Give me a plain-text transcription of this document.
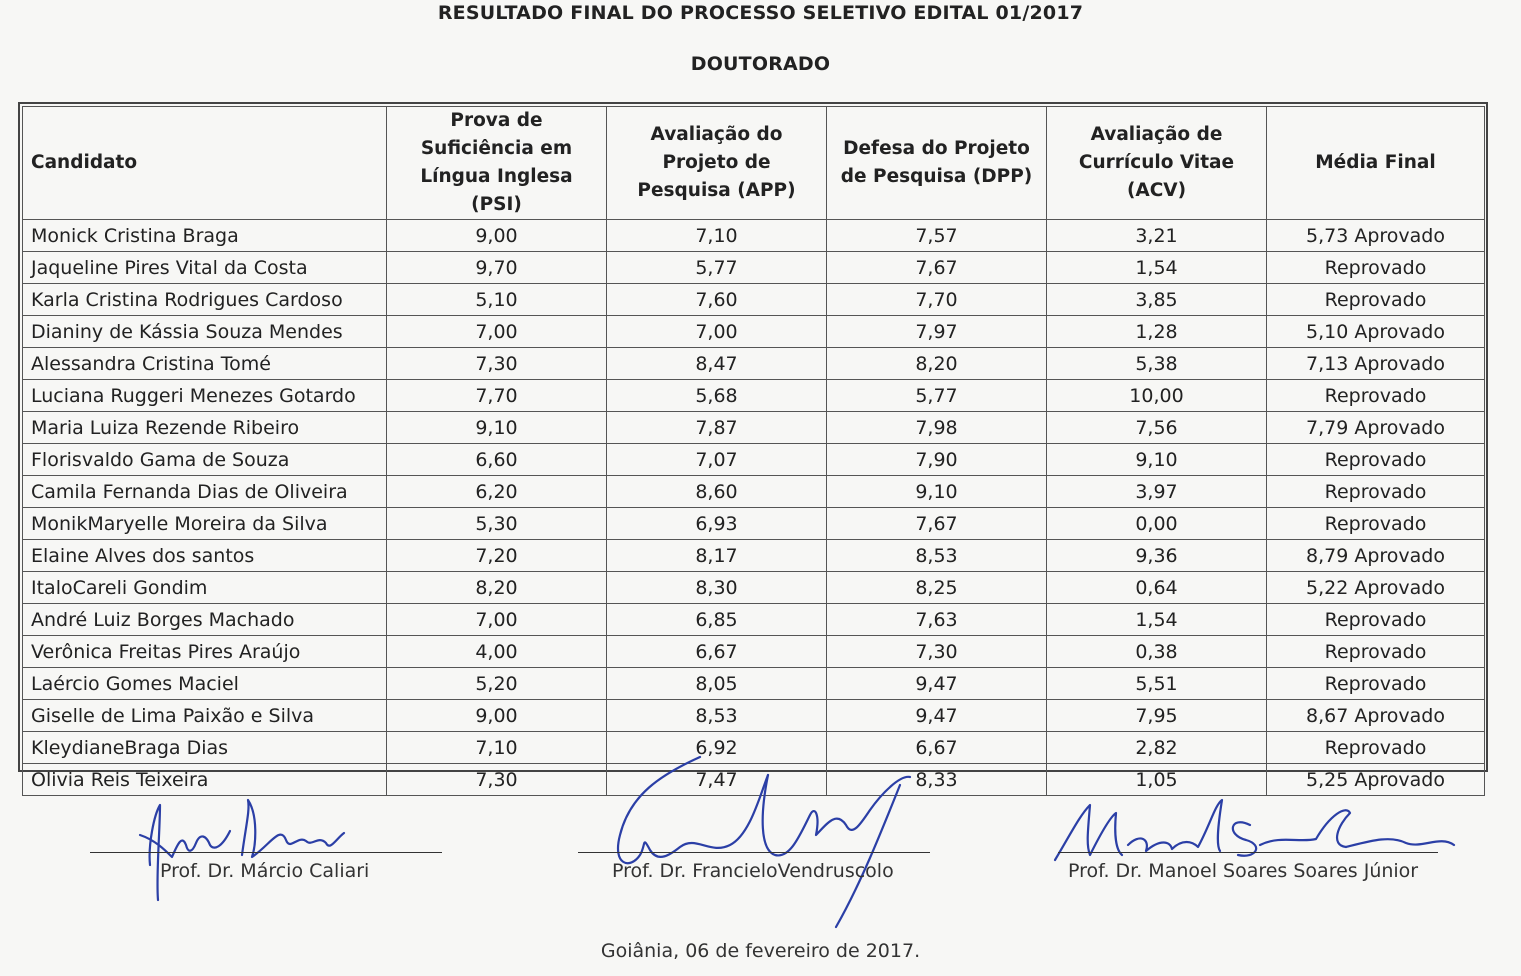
RESULTADO FINAL DO PROCESSO SELETIVO EDITAL 01/2017
DOUTORADO
Candidato	Prova de Suficiência em Língua Inglesa (PSI)	Avaliação do Projeto de Pesquisa (APP)	Defesa do Projeto de Pesquisa (DPP)	Avaliação de Currículo Vitae (ACV)	Média Final
Monick Cristina Braga	9,00	7,10	7,57	3,21	5,73 Aprovado
Jaqueline Pires Vital da Costa	9,70	5,77	7,67	1,54	Reprovado
Karla Cristina Rodrigues Cardoso	5,10	7,60	7,70	3,85	Reprovado
Dianiny de Kássia Souza Mendes	7,00	7,00	7,97	1,28	5,10 Aprovado
Alessandra Cristina Tomé	7,30	8,47	8,20	5,38	7,13 Aprovado
Luciana Ruggeri Menezes Gotardo	7,70	5,68	5,77	10,00	Reprovado
Maria Luiza Rezende Ribeiro	9,10	7,87	7,98	7,56	7,79 Aprovado
Florisvaldo Gama de Souza	6,60	7,07	7,90	9,10	Reprovado
Camila Fernanda Dias de Oliveira	6,20	8,60	9,10	3,97	Reprovado
MonikMaryelle Moreira da Silva	5,30	6,93	7,67	0,00	Reprovado
Elaine Alves dos santos	7,20	8,17	8,53	9,36	8,79 Aprovado
ItaloCareli Gondim	8,20	8,30	8,25	0,64	5,22 Aprovado
André Luiz Borges Machado	7,00	6,85	7,63	1,54	Reprovado
Verônica Freitas Pires Araújo	4,00	6,67	7,30	0,38	Reprovado
Laércio Gomes Maciel	5,20	8,05	9,47	5,51	Reprovado
Giselle de Lima Paixão e Silva	9,00	8,53	9,47	7,95	8,67 Aprovado
KleydianeBraga Dias	7,10	6,92	6,67	2,82	Reprovado
Olivia Reis Teixeira	7,30	7,47	8,33	1,05	5,25 Aprovado
Prof. Dr. Márcio Caliari	Prof. Dr. FrancieloVendruscolo	Prof. Dr. Manoel Soares Soares Júnior
Goiânia, 06 de fevereiro de 2017.
